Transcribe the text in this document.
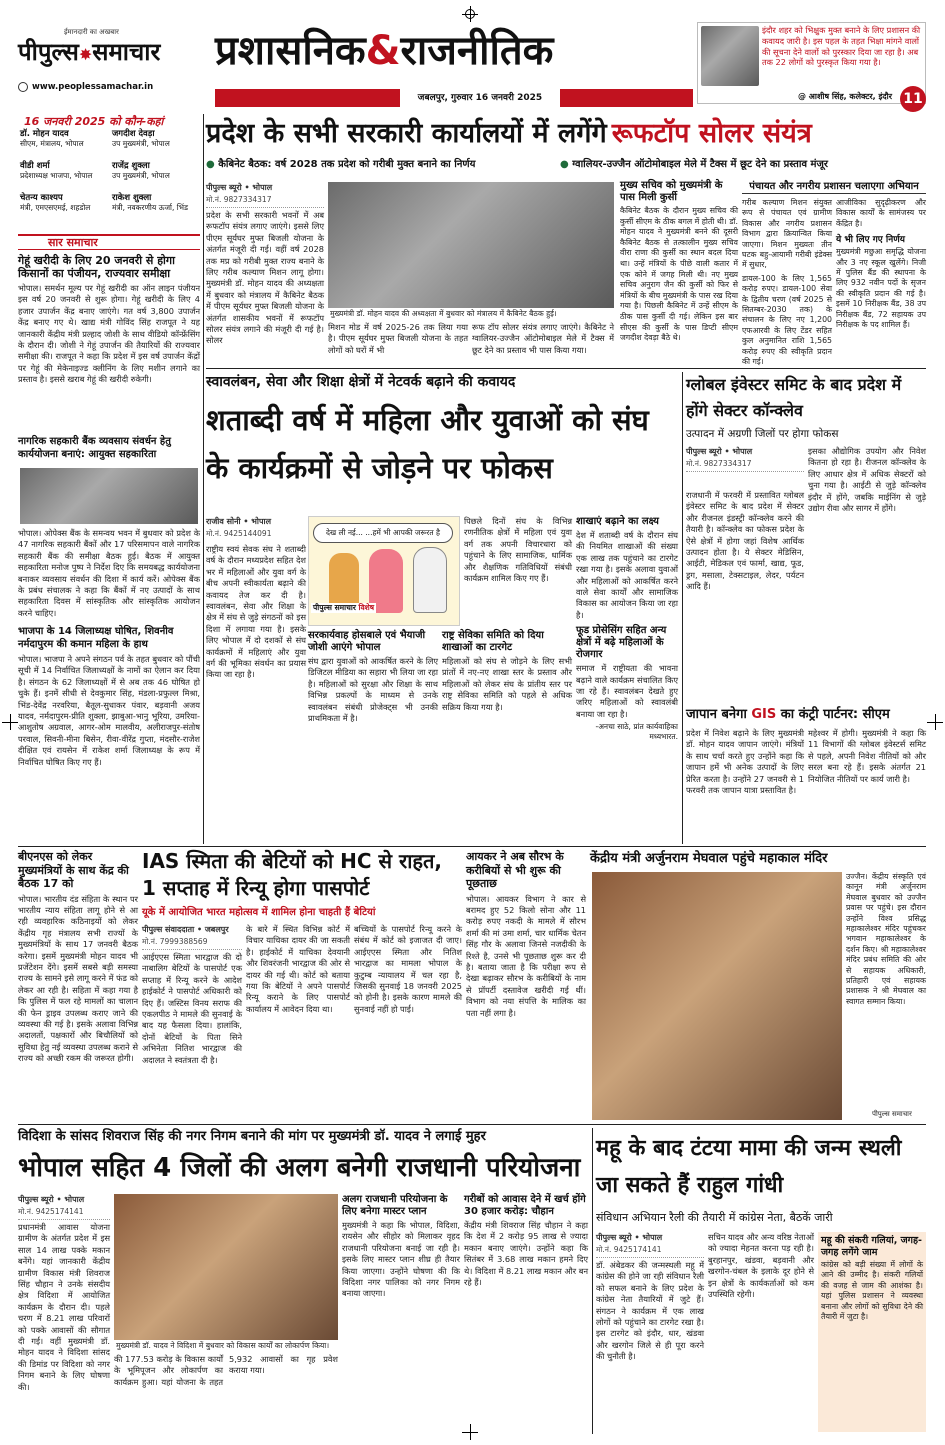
ईमानदारी का अखबार
पीपुल्स✸समाचार
www.peoplessamachar.in
प्रशासनिक&राजनीतिक
जबलपुर, गुरुवार 16 जनवरी 2025
इंदौर शहर को भिक्षुक मुक्त बनाने के लिए प्रशासन की कवायद जारी है। इस पहल के तहत भिक्षा मांगने वालों की सूचना देने वालों को पुरस्कार दिया जा रहा है। अब तक 22 लोगों को पुरस्कृत किया गया है।
@ आशीष सिंह, कलेक्टर, इंदौर 11
16 जनवरी 2025 को कौन-कहां
डॉ. मोहन यादव
सीएम, मंत्रालय, भोपाल
जगदीश देवड़ा
उप मुख्यमंत्री, भोपाल
वीडी शर्मा
प्रदेशाध्यक्ष भाजपा, भोपाल
राजेंद्र शुक्ला
उप मुख्यमंत्री, भोपाल
चेतन्य काश्यप
मंत्री, एमएसएमई, शहडोल
राकेश शुक्ला
मंत्री, नवकरणीय ऊर्जा, भिंड
सार समाचार
गेहूं खरीदी के लिए 20 जनवरी से होगा किसानों का पंजीयन, राज्यवार समीक्षा
भोपाल। समर्थन मूल्य पर गेहूं खरीदी का ऑन लाइन पंजीयन इस वर्ष 20 जनवरी से शुरू होगा। गेहूं खरीदी के लिए 4 हजार उपार्जन केंद्र बनाए जाएंगे। गत वर्ष 3,800 उपार्जन केंद्र बनाए गए थे। खाद्य मंत्री गोविंद सिंह राजपूत ने यह जानकारी केंद्रीय मंत्री प्रल्हाद जोशी के साथ वीडियो कॉन्फ्रेंसिंग के दौरान दी। जोशी ने गेहूं उपार्जन की तैयारियों की राज्यवार समीक्षा की। राजपूत ने कहा कि प्रदेश में इस वर्ष उपार्जन केंद्रों पर गेहूं की मेकेनाइज्ड क्लीनिंग के लिए मशीन लगाने का प्रस्ताव है। इससे खराब गेहूं की खरीदी रुकेगी।
नागरिक सहकारी बैंक व्यवसाय संवर्धन हेतु कार्ययोजना बनाएं: आयुक्त सहकारिता
भोपाल। ओपेक्स बैंक के समन्वय भवन में बुधवार को प्रदेश के 47 नागरिक सहकारी बैंकों और 17 परिसमापन वाले नागरिक सहकारी बैंक की समीक्षा बैठक हुई। बैठक में आयुक्त सहकारिता मनोज पुष्प ने निर्देश दिए कि समयबद्ध कार्ययोजना बनाकर व्यवसाय संवर्धन की दिशा में कार्य करें। ओपेक्स बैंक के प्रबंध संचालक ने कहा कि बैंकों में नए उत्पादों के साथ सहकारिता दिवस में सांस्कृतिक और सांस्कृतिक आयोजन करने चाहिए।
भाजपा के 14 जिलाध्यक्ष घोषित, शिवनीव नर्मदापुरम की कमान महिला के हाथ
भोपाल। भाजपा ने अपने संगठन पर्व के तहत बुधवार को पौंची सूची में 14 निर्वाचित जिलाध्यक्षों के नामों का ऐलान कर दिया है। संगठन के 62 जिलाध्यक्षों में से अब तक 46 घोषित हो चुके हैं। इनमें सीधी से देवकुमार सिंह, मंडला-प्रफुल्ल मिश्रा, भिंड-देवेंद्र नरवरिया, बैतूल-सुधाकर पंवार, बड़वानी अजय यादव, नर्मदापुरम-प्रीति शुक्ला, झाबुआ-भानु भूरिया, उमरिया-आशुतोष अग्रवाल, आगर-ओम मालवीय, अलीराजपुर-संतोष परवाल, सिवनी-मीना बिसेन, रीवा-वीरेंद्र गुप्ता, मंदसौर-राजेश दीक्षित एवं रायसेन में राकेश शर्मा जिलाध्यक्ष के रूप में निर्वाचित घोषित किए गए हैं।
प्रदेश के सभी सरकारी कार्यालयों में लगेंगे रूफटॉप सोलर संयंत्र
● कैबिनेट बैठक: वर्ष 2028 तक प्रदेश को गरीबी मुक्त बनाने का निर्णय	● ग्वालियर-उज्जैन ऑटोमोबाइल मेले में टैक्स में छूट देने का प्रस्ताव मंजूर
पीपुल्स ब्यूरो • भोपाल
मो.नं. 9827334317
प्रदेश के सभी सरकारी भवनों में अब रूफटॉप संयंत्र लगाए जाएंगे। इससे लिए पीएम सूर्यघर मुफ्त बिजली योजना के अंतर्गत मंजूरी दी गई। वहीं वर्ष 2028 तक मप्र को गरीबी मुक्त राज्य बनाने के लिए गरीब कल्याण मिशन लागू होगा। मुख्यमंत्री डॉ. मोहन यादव की अध्यक्षता में बुधवार को मंत्रालय में कैबिनेट बैठक में पीएम सूर्यघर मुफ्त बिजली योजना के अंतर्गत शासकीय भवनों में रूफटॉप सोलर संयंत्र लगाने की मंजूरी दी गई है। सोलर
मुख्यमंत्री डॉ. मोहन यादव की अध्यक्षता में बुधवार को मंत्रालय में कैबिनेट बैठक हुई।
मिशन मोड में वर्ष 2025-26 तक लिया गया है। पीएम सूर्यघर मुफ्त बिजली योजना के तहत लोगों को घरों में भी
रूफ टॉप सोलर संयंत्र लगाए जाएंगे। कैबिनेट ने ग्वालियर-उज्जैन ऑटोमोबाइल मेले में टैक्स में छूट देने का प्रस्ताव भी पास किया गया।
मुख्य सचिव को मुख्यमंत्री के पास मिली कुर्सी
कैबिनेट बैठक के दौरान मुख्य सचिव की कुर्सी सीएम के ठीक बगल में होती थी। डॉ. मोहन यादव ने मुख्यमंत्री बनने की दूसरी कैबिनेट बैठक से तत्कालीन मुख्य सचिव वीरा राणा की कुर्सी का स्थान बदल दिया था। उन्हें मंत्रियों के पीछे वाली कतार में एक कोने में जगह मिली थी। नए मुख्य सचिव अनुराग जैन की कुर्सी को फिर से मंत्रियों के बीच मुख्यमंत्री के पास रख दिया गया है। पिछली कैबिनेट में उन्हें सीएम के ठीक पास कुर्सी दी गई। लेकिन इस बार सीएस की कुर्सी के पास डिप्टी सीएम जगदीश देवड़ा बैठे थे।
पंचायत और नगरीय प्रशासन चलाएगा अभियान
गरीब कल्याण मिशन संयुक्त रूप से पंचायत एवं ग्रामीण विकास और नगरीय प्रशासन विभाग द्वारा क्रियान्वित किया जाएगा। मिशन मुख्यतः तीन घटक बहु-आयामी गरीबी इंडेक्स में सुधार,
डायल-100 के लिए 1,565 करोड़ रुपए। डायल-100 सेवा के द्वितीय चरण (वर्ष 2025 से सितम्बर-2030 तक) के संचालन के लिए नए 1,200 एफआरवी के लिए टेंडर सहित कुल अनुमानित राशि 1,565 करोड़ रुपए की स्वीकृति प्रदान की गई।
आजीविका सुदृढ़ीकरण और विकास कार्यों के सामंजस्य पर केंद्रित है।
ये भी लिए गए निर्णय
मुख्यमंत्री मछुआ समृद्धि योजना और 3 नए स्कूल खुलेंगे। निजी में पुलिस बैंड की स्थापना के लिए 932 नवीन पदों के सृजन की स्वीकृति प्रदान की गई है। इसमें 10 निरीक्षक बैंड, 38 उप निरीक्षक बैंड, 72 सहायक उप निरीक्षक के पद शामिल हैं।
स्वावलंबन, सेवा और शिक्षा क्षेत्रों में नेटवर्क बढ़ाने की कवायद
शताब्दी वर्ष में महिला और युवाओं को संघ के कार्यक्रमों से जोड़ने पर फोकस
राजीव सोनी • भोपाल
मो.नं. 9425144091
राष्ट्रीय स्वयं सेवक संघ ने शताब्दी वर्ष के दौरान मध्यप्रदेश सहित देश भर में महिलाओं और युवा वर्ग के बीच अपनी स्वीकार्यता बढ़ाने की कवायद तेज कर दी है। स्वावलंबन, सेवा और शिक्षा के क्षेत्र में संघ से जुड़े संगठनों को इस दिशा में लगाया गया है। इसके लिए भोपाल में दो दशकों से संघ कार्यक्रमों में महिलाएं और युवा वर्ग की भूमिका संवर्धन का प्रयास किया जा रहा है।
देख ली नई... ...हमें भी आपकी जरूरत है
पीपुल्स समाचार विशेष
पिछले दिनों संघ के विभिन्न रणनीतिक क्षेत्रों में महिला एवं युवा वर्ग तक अपनी विचारधारा को पहुंचाने के लिए सामाजिक, धार्मिक और शैक्षणिक गतिविधियों संबंधी कार्यक्रम शामिल किए गए हैं।
सरकार्यवाह होसबाले एवं भैयाजी जोशी आएंगे भोपाल
संघ द्वारा युवाओं को आकर्षित करने के लिए डिजिटल मीडिया का सहारा भी लिया जा रहा है। महिलाओं को सुरक्षा और शिक्षा के साथ विभिन्न प्रकल्पों के माध्यम से उनके स्वावलंबन संबंधी प्रोजेक्ट्स भी उनकी प्राथमिकता में है।
राष्ट्र सेविका समिति को दिया शाखाओं का टारगेट
महिलाओं को संघ से जोड़ने के लिए सभी प्रांतों में नए-नए शाखा स्तर के प्रस्ताव और महिलाओं को लेकर संघ के प्रांतीय स्तर पर राष्ट्र सेविका समिति को पहले से अधिक सक्रिय किया गया है।
शाखाएं बढ़ाने का लक्ष्य
देश में शताब्दी वर्ष के दौरान संघ की नियमित शाखाओं की संख्या एक लाख तक पहुंचाने का टारगेट रखा गया है। इसके अलावा युवाओं और महिलाओं को आकर्षित करने वाले सेवा कार्यों और सामाजिक विकास का आयोजन किया जा रहा है।
फूड प्रोसेसिंग सहित अन्य क्षेत्रों में बढ़े महिलाओं के रोजगार
समाज में राष्ट्रीयता की भावना बढ़ाने वाले कार्यक्रम संचालित किए जा रहे हैं। स्वावलंबन देखते हुए जरिए महिलाओं को स्वावलंबी बनाया जा रहा है।
-अनचा साठे, प्रांत कार्यवाहिका मध्यभारत.
ग्लोबल इंवेस्टर समिट के बाद प्रदेश में होंगे सेक्टर कॉन्क्लेव
उत्पादन में अग्रणी जिलों पर होगा फोकस
पीपुल्स ब्यूरो • भोपाल
मो.नं. 9827334317
राजधानी में फरवरी में प्रस्तावित ग्लोबल इंवेस्टर समिट के बाद प्रदेश में सेक्टर और रीजनल इंडस्ट्री कॉन्क्लेव करने की तैयारी है। कॉन्क्लेव का फोकस प्रदेश के ऐसे क्षेत्रों में होगा जहां विशेष आर्थिक उत्पादन होता है। ये सेक्टर मेडिसिन, आईटी, मेडिकल एवं फार्मा, खाद्य, फूड, ड्रग, मसाला, टेक्सटाइल, लेदर, पर्यटन आदि हैं।
इसका औद्योगिक उपयोग और निवेश कितना हो रहा है। रीजनल कॉन्क्लेव के लिए आधार क्षेत्र में अधिक सेक्टरों को चुना गया है। आईटी से जुड़े कॉन्क्लेव इंदौर में होंगे, जबकि माईनिंग से जुड़े उद्योग रीवा और सागर में होंगे।
जापान बनेगा GIS का कंट्री पार्टनर: सीएम
प्रदेश में निवेश बढ़ाने के लिए मुख्यमंत्री डॉ. मोहन यादव जापान जाएंगे। मंत्रियों के साथ चर्चा करते हुए उन्होंने कहा कि जापान हमें भी अनेक उत्पादों के लिए प्रेरित करता है। उन्होंने 27 जनवरी से 1 फरवरी तक जापान यात्रा प्रस्तावित है।
महेश्वर में होगी। मुख्यमंत्री ने कहा कि 11 विभागों की ग्लोबल इंवेस्टर्स समिट से पहले, अपनी निवेश नीतियों को और सरल बना रहे हैं। इसके अंतर्गत 21 नियोजित नीतियों पर कार्य जारी है।
बीएनएस को लेकर मुख्यमंत्रियों के साथ केंद्र की बैठक 17 को
भोपाल। भारतीय दंड संहिता के स्थान पर भारतीय न्याय संहिता लागू होने से आ रही व्यवहारिक कठिनाइयों को लेकर केंद्रीय गृह मंत्रालय सभी राज्यों के मुख्यमंत्रियों के साथ 17 जनवरी बैठक करेगा। इसमें मुख्यमंत्री मोहन यादव भी प्रजेंटेशन देंगे। इसमें सबसे बड़ी समस्या राज्य के सामने इसे लागू करने में फंड को लेकर आ रही है। सहिता में कहा गया है कि पुलिस में फल रहे मामलों का चालान की फेन ड्राइव उपलब्ध कराए जाने की व्यवस्था की गई है। इसके अलावा विभिन्न अदालतों, पक्षकारों और बिचौलियों को सुविधा हेतु नई व्यवस्था उपलब्ध कराने से राज्य को अच्छी रकम की जरूरत होगी।
IAS स्मिता की बेटियों को HC से राहत, 1 सप्ताह में रिन्यू होगा पासपोर्ट
यूके में आयोजित भारत महोत्सव में शामिल होना चाहती हैं बेटियां
पीपुल्स संवाददाता • जबलपुर
मो.नं. 7999388569
आईएएस स्मिता भारद्वाज की दो नाबालिग बेटियों के पासपोर्ट एक सप्ताह में रिन्यू करने के आदेश हाईकोर्ट ने पासपोर्ट अधिकारी को दिए हैं। जस्टिस विनय सराफ की एकलपीठ ने मामले की सुनवाई के बाद यह फैसला दिया। हालांकि, दोनों बेटियों के पिता सिने अभिनेता नितिश भारद्वाज की अदालत ने स्वतंत्रता दी है।
के बारे में स्थित विभिन्न कोर्ट में विचार याचिका दायर की जा सकती है। हाईकोर्ट में याचिका देवयानी और शिवरंजनी भारद्वाज की ओर से दायर की गई थी। कोर्ट को बताया गया कि बेटियों ने अपने पासपोर्ट रिन्यू कराने के लिए पासपोर्ट कार्यालय में आवेदन दिया था।
बच्चियों के पासपोर्ट रिन्यू करने के संबंध में कोर्ट को इजाजत दी जाए। आईएएस स्मिता और नितिश भारद्वाज का मामला भोपाल के कुटुम्ब न्यायालय में चल रहा है, जिसकी सुनवाई 18 जनवरी 2025 को होनी है। इसके कारण मामले की सुनवाई नहीं हो पाई।
आयकर ने अब सौरभ के करीबियों से भी शुरू की पूछताछ
भोपाल। आयकर विभाग ने कार से बरामद हुए 52 किलो सोना और 11 करोड़ रुपए नकदी के मामले में सौरभ शर्मा की मां उमा शर्मा, चार धार्मिक चेतन सिंह गौर के अलावा जिनसे नजदीकी के रिश्ते है, उनसे भी पूछताछ शुरू कर दी है। बताया जाता है कि परीक्षा रूप से देखा बढ़ाकर सौरभ के करीबियों के नाम से प्रॉपर्टी दस्तावेज खरीदी गई थीं। विभाग को नया संपत्ति के मालिक का पता नहीं लगा है।
केंद्रीय मंत्री अर्जुनराम मेघवाल पहुंचे महाकाल मंदिर
पीपुल्स समाचार
उज्जैन। केंद्रीय संस्कृति एवं कानून मंत्री अर्जुनराम मेघवाल बुधवार को उज्जैन प्रवास पर पहुंचे। इस दौरान उन्होंने विश्व प्रसिद्ध महाकालेश्वर मंदिर पहुंचकर भगवान महाकालेश्वर के दर्शन किए। श्री महाकालेश्वर मंदिर प्रबंध समिति की ओर से सहायक अधिकारी, प्रतिहारी एवं सहायक प्रशासक ने श्री मेघवाल का स्वागत सम्मान किया।
विदिशा के सांसद शिवराज सिंह की नगर निगम बनाने की मांग पर मुख्यमंत्री डॉ. यादव ने लगाई मुहर
भोपाल सहित 4 जिलों की अलग बनेगी राजधानी परियोजना
पीपुल्स ब्यूरो • भोपाल
मो.नं. 9425174141
प्रधानमंत्री आवास योजना ग्रामीण के अंतर्गत प्रदेश में इस साल 14 लाख पक्के मकान बनेंगे। यहां जानकारी केंद्रीय ग्रामीण विकास मंत्री शिवराज सिंह चौहान ने उनके संसदीय क्षेत्र विदिशा में आयोजित कार्यक्रम के दौरान दी। पहले चरण में 8.21 लाख परिवारों को पक्के आवासों की सौगात दी गई। वहीं मुख्यमंत्री डॉ. मोहन यादव ने विदिशा सांसद की डिमांड पर विदिशा को नगर निगम बनाने के लिए घोषणा की।
मुख्यमंत्री डॉ. यादव ने विदिशा में बुधवार को विकास कार्यों का लोकार्पण किया।
की 177.53 करोड़ के विकास कार्यों के भूमिपूजन और लोकार्पण का कार्यक्रम हुआ। यहां योजना के तहत 5,932 आवासों का गृह प्रवेश कराया गया।
अलग राजधानी परियोजना के लिए बनेगा मास्टर प्लान
मुख्यमंत्री ने कहा कि भोपाल, विदिशा, रायसेन और सीहोर को मिलाकर वृहद राजधानी परियोजना बनाई जा रही है। इसके लिए मास्टर प्लान शीघ्र ही तैयार किया जाएगा। उन्होंने घोषणा की कि विदिशा नगर पालिका को नगर निगम बनाया जाएगा।
गरीबों को आवास देने में खर्च होंगे 30 हजार करोड़: चौहान
केंद्रीय मंत्री शिवराज सिंह चौहान ने कहा कि देश में 2 करोड़ 95 लाख से ज्यादा मकान बनाए जाएंगे। उन्होंने कहा कि सितंबर में 3.68 लाख मकान हमने दिए थे। विदिशा में 8.21 लाख मकान और बन रहे हैं।
महू के बाद टंटया मामा की जन्म स्थली जा सकते हैं राहुल गांधी
संविधान अभियान रैली की तैयारी में कांग्रेस नेता, बैठकें जारी
पीपुल्स ब्यूरो • भोपाल
मो.नं. 9425174141
डॉ. अंबेडकर की जन्मस्थली महू में कांग्रेस की होने जा रही संविधान रैली को सफल बनाने के लिए प्रदेश के कांग्रेस नेता तैयारियों में जुटे हैं। संगठन ने कार्यक्रम में एक लाख लोगों को पहुंचाने का टारगेट रखा है। इस टारगेट को इंदौर, धार, खंडवा और खरगोन जिले से ही पूरा करने की चुनौती है।
सचिन यादव और अन्य वरिष्ठ नेताओं को ज्यादा मेहनत करना पड़ रही है। बुरहानपुर, खंडवा, बड़वानी और खरगोन-चंबल के इलाके दूर होने से इन क्षेत्रों के कार्यकर्ताओं को कम उपस्थिति रहेगी।
महू की संकरी गलियां, जगह-जगह लगेंगे जाम
कांग्रेस को बड़ी संख्या में लोगों के आने की उम्मीद है। संकरी गलियों की वजह से जाम की आशंका है। यहां पुलिस प्रशासन ने व्यवस्था बनाना और लोगों को सुविधा देने की तैयारी में जुटा है।
